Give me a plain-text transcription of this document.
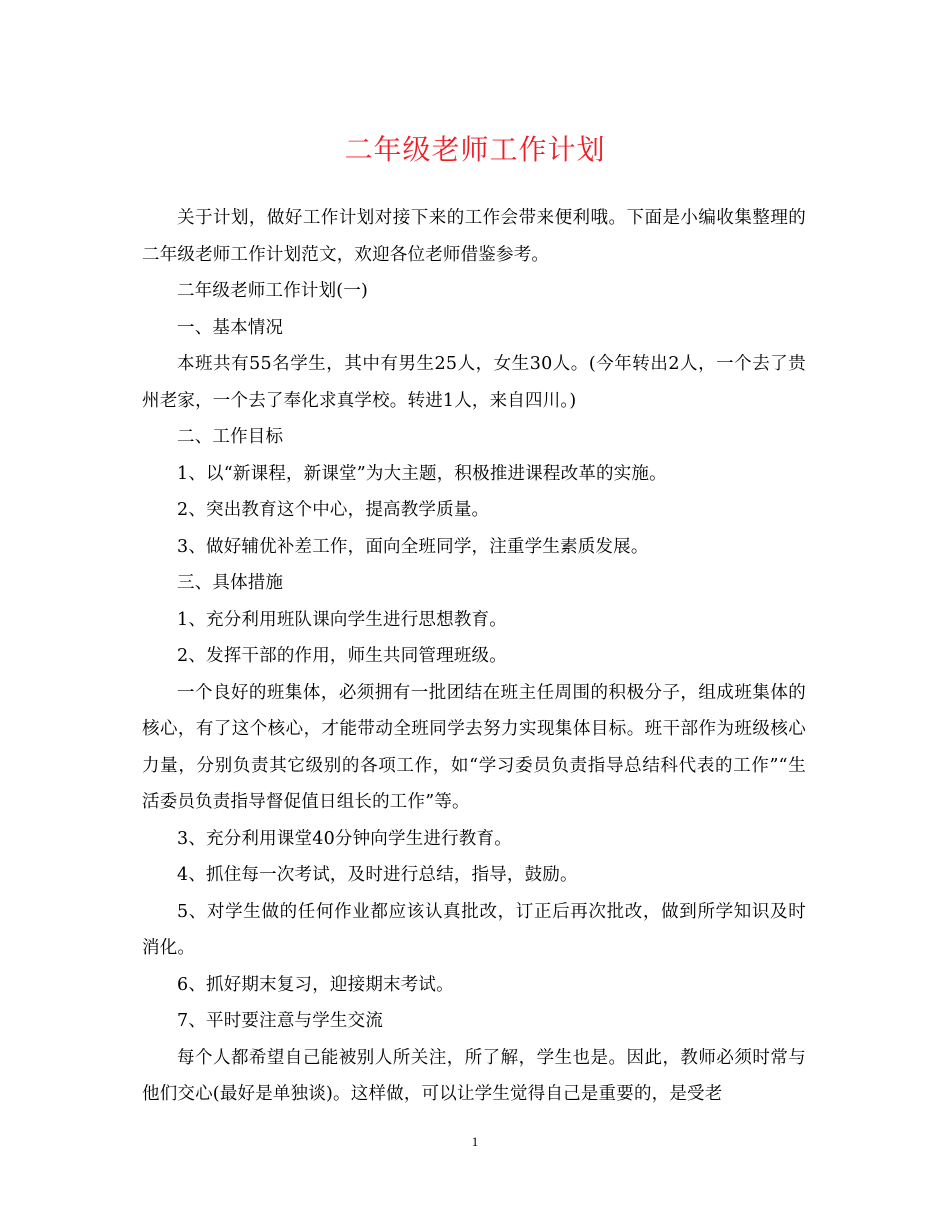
二年级老师工作计划

关于计划，做好工作计划对接下来的工作会带来便利哦。下面是小编收集整理的二年级老师工作计划范文，欢迎各位老师借鉴参考。

二年级老师工作计划(一)

一、基本情况

本班共有55名学生，其中有男生25人，女生30人。(今年转出2人，一个去了贵州老家，一个去了奉化求真学校。转进1人，来自四川。)

二、工作目标

1、以“新课程，新课堂”为大主题，积极推进课程改革的实施。

2、突出教育这个中心，提高教学质量。

3、做好辅优补差工作，面向全班同学，注重学生素质发展。

三、具体措施

1、充分利用班队课向学生进行思想教育。

2、发挥干部的作用，师生共同管理班级。

一个良好的班集体，必须拥有一批团结在班主任周围的积极分子，组成班集体的核心，有了这个核心，才能带动全班同学去努力实现集体目标。班干部作为班级核心力量，分别负责其它级别的各项工作，如“学习委员负责指导总结科代表的工作”“生活委员负责指导督促值日组长的工作”等。

3、充分利用课堂40分钟向学生进行教育。

4、抓住每一次考试，及时进行总结，指导，鼓励。

5、对学生做的任何作业都应该认真批改，订正后再次批改，做到所学知识及时消化。

6、抓好期末复习，迎接期末考试。

7、平时要注意与学生交流

每个人都希望自己能被别人所关注，所了解，学生也是。因此，教师必须时常与他们交心(最好是单独谈)。这样做，可以让学生觉得自己是重要的，是受老

1
